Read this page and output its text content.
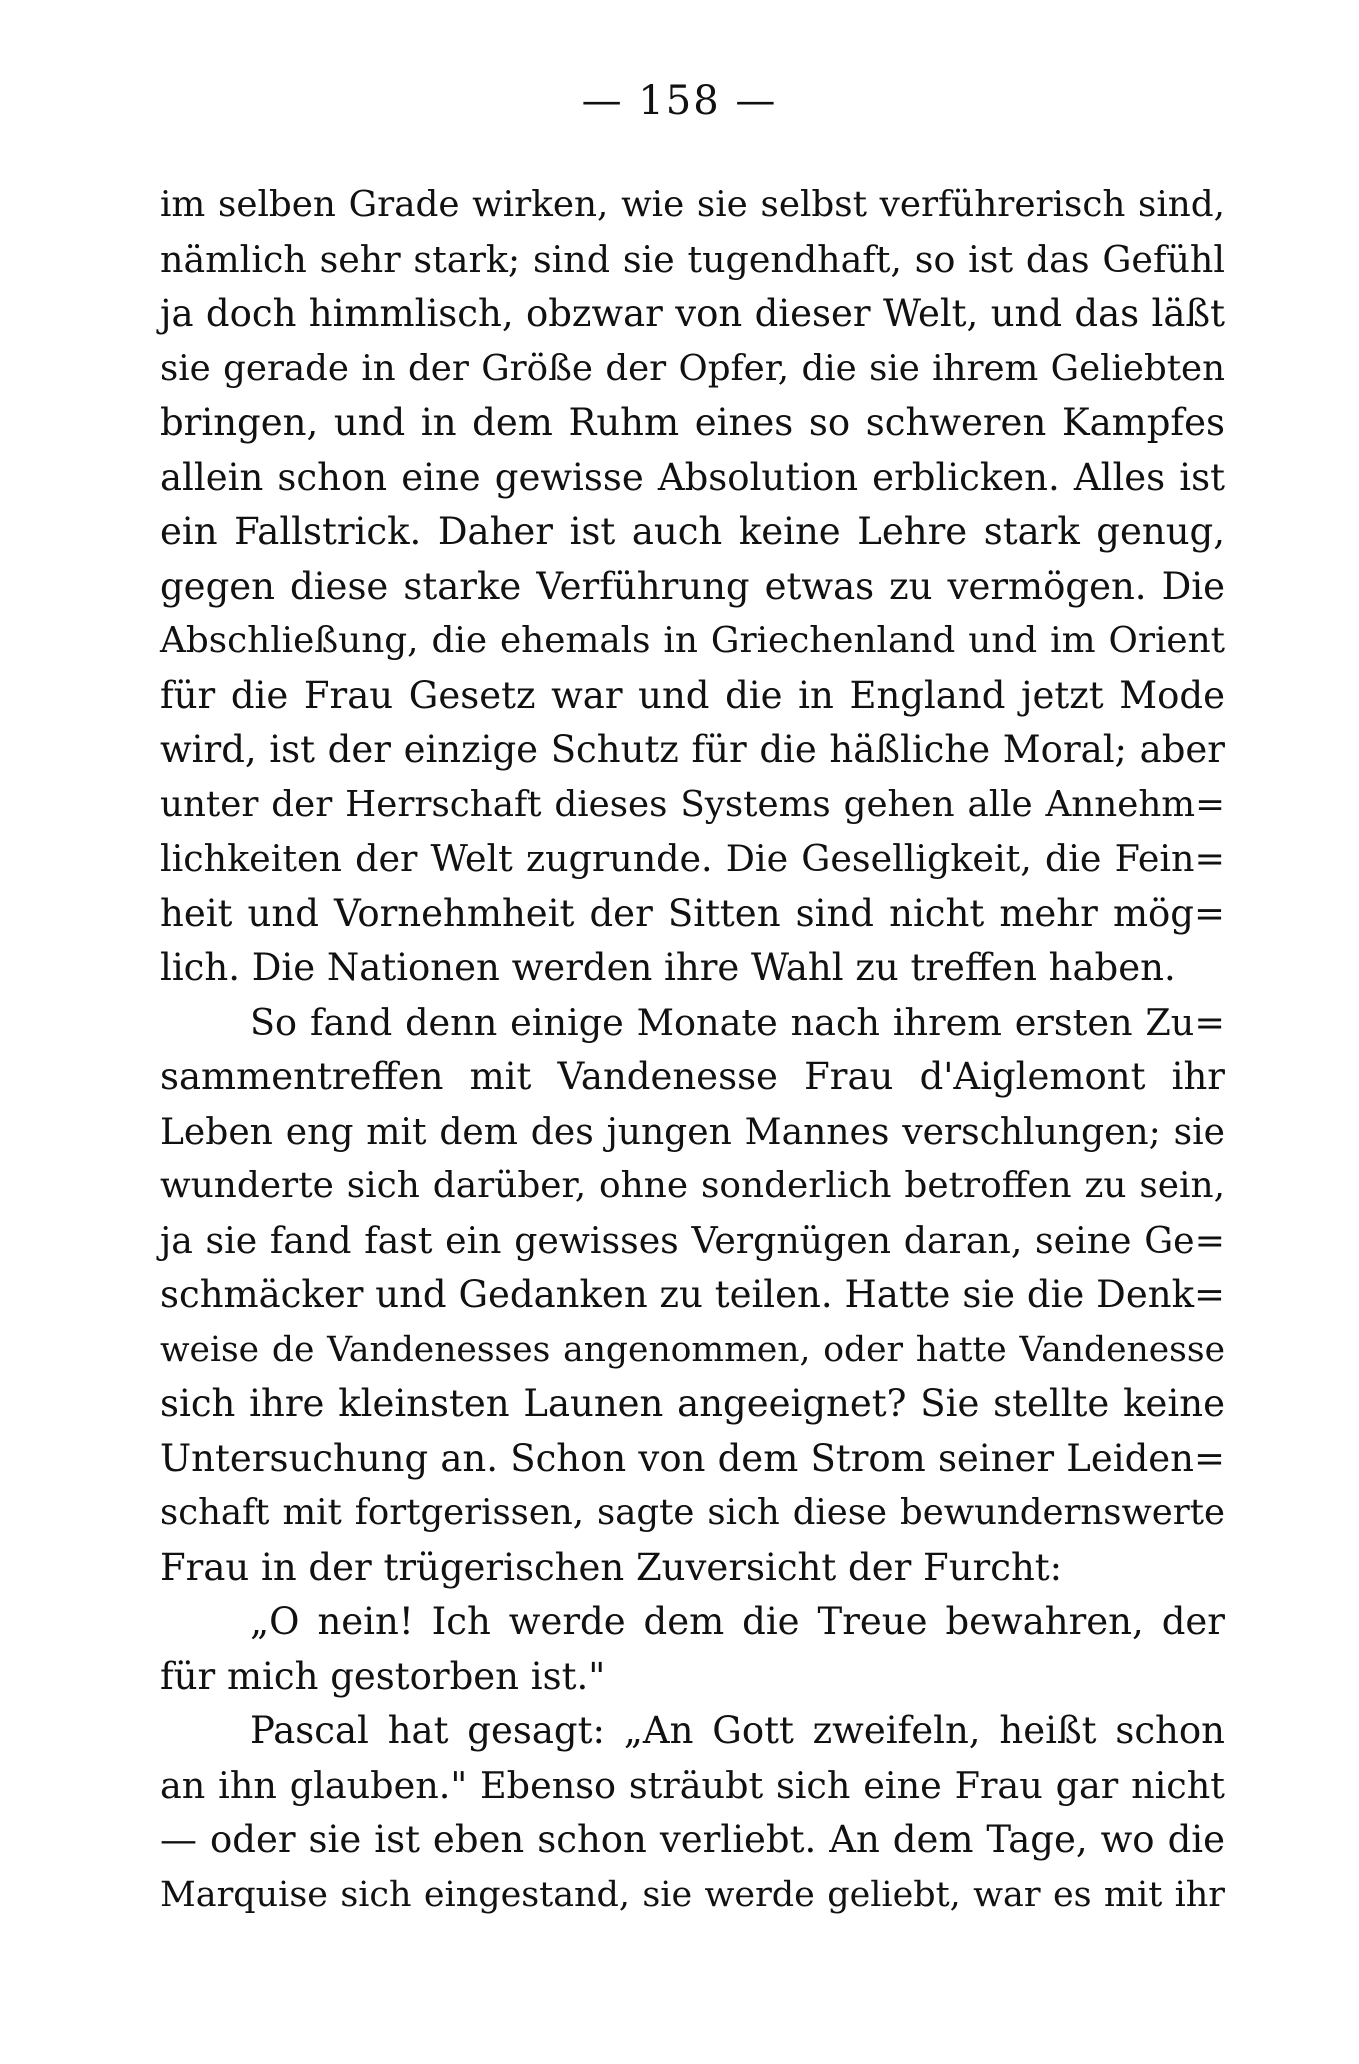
— 158 —
im selben Grade wirken, wie sie selbst verführerisch sind,
nämlich sehr stark; sind sie tugendhaft, so ist das Gefühl
ja doch himmlisch, obzwar von dieser Welt, und das läßt
sie gerade in der Größe der Opfer, die sie ihrem Geliebten
bringen, und in dem Ruhm eines so schweren Kampfes
allein schon eine gewisse Absolution erblicken. Alles ist
ein Fallstrick. Daher ist auch keine Lehre stark genug,
gegen diese starke Verführung etwas zu vermögen. Die
Abschließung, die ehemals in Griechenland und im Orient
für die Frau Gesetz war und die in England jetzt Mode
wird, ist der einzige Schutz für die häßliche Moral; aber
unter der Herrschaft dieses Systems gehen alle Annehm=
lichkeiten der Welt zugrunde. Die Geselligkeit, die Fein=
heit und Vornehmheit der Sitten sind nicht mehr mög=
lich. Die Nationen werden ihre Wahl zu treffen haben.
So fand denn einige Monate nach ihrem ersten Zu=
sammentreffen mit Vandenesse Frau d'Aiglemont ihr
Leben eng mit dem des jungen Mannes verschlungen; sie
wunderte sich darüber, ohne sonderlich betroffen zu sein,
ja sie fand fast ein gewisses Vergnügen daran, seine Ge=
schmäcker und Gedanken zu teilen. Hatte sie die Denk=
weise de Vandenesses angenommen, oder hatte Vandenesse
sich ihre kleinsten Launen angeeignet? Sie stellte keine
Untersuchung an. Schon von dem Strom seiner Leiden=
schaft mit fortgerissen, sagte sich diese bewundernswerte
Frau in der trügerischen Zuversicht der Furcht:
„O nein! Ich werde dem die Treue bewahren, der
für mich gestorben ist."
Pascal hat gesagt: „An Gott zweifeln, heißt schon
an ihn glauben." Ebenso sträubt sich eine Frau gar nicht
— oder sie ist eben schon verliebt. An dem Tage, wo die
Marquise sich eingestand, sie werde geliebt, war es mit ihr
